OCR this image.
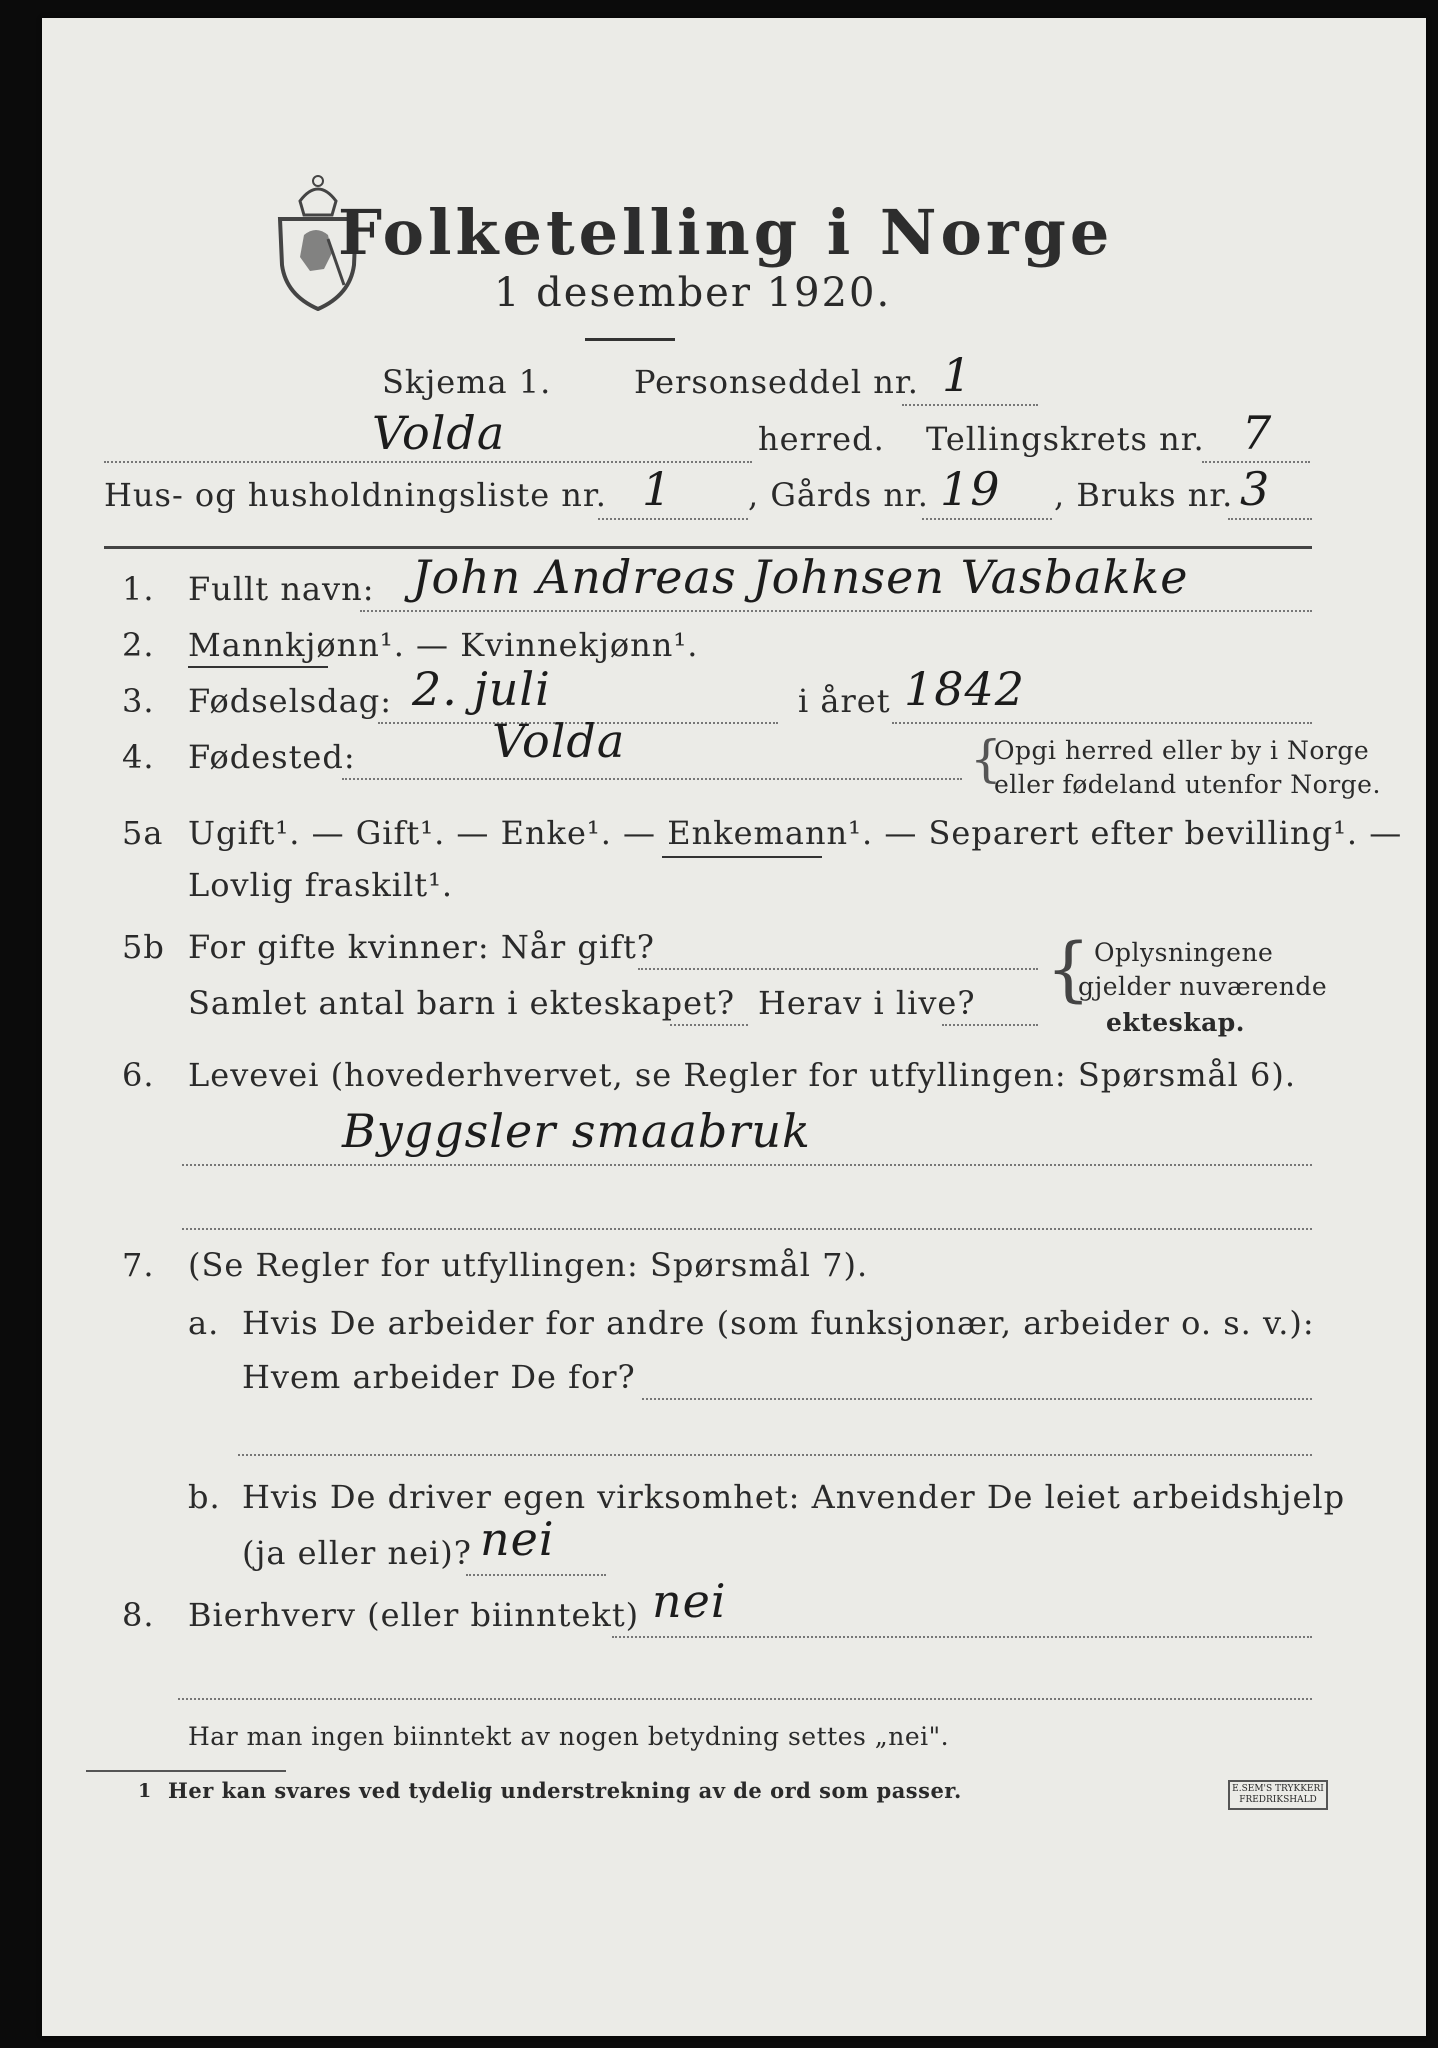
Folketelling i Norge
1 desember 1920.
Skjema 1.	Personseddel nr. 1
Volda	herred. Tellingskrets nr. 7
Hus- og husholdningsliste nr. 1 , Gårds nr. 19 , Bruks nr. 3
1. Fullt navn: John Andreas Johnsen Vasbakke
2. Mannkjønn¹. — Kvinnekjønn¹.
3. Fødselsdag: 2. juli	i året 1842
4. Fødested:	Volda	{
Opgi herred eller by i Norge
eller fødeland utenfor Norge.
5a Ugift¹. — Gift¹. — Enke¹. — Enkemann¹. — Separert efter bevilling¹. —
Lovlig fraskilt¹.
5b For gifte kvinner: Når gift?
Samlet antal barn i ekteskapet? Herav i live? { Oplysningene
gjelder nuværende
ekteskap.
6. Levevei (hovederhvervet, se Regler for utfyllingen: Spørsmål 6).
Byggsler smaabruk
7. (Se Regler for utfyllingen: Spørsmål 7).
a. Hvis De arbeider for andre (som funksjonær, arbeider o. s. v.):
Hvem arbeider De for?
b. Hvis De driver egen virksomhet: Anvender De leiet arbeidshjelp
(ja eller nei)? nei
8. Bierhverv (eller biinntekt) nei
Har man ingen biinntekt av nogen betydning settes „nei".
1 Her kan svares ved tydelig understrekning av de ord som passer.	E.SEM'S TRYKKERI FREDRIKSHALD
